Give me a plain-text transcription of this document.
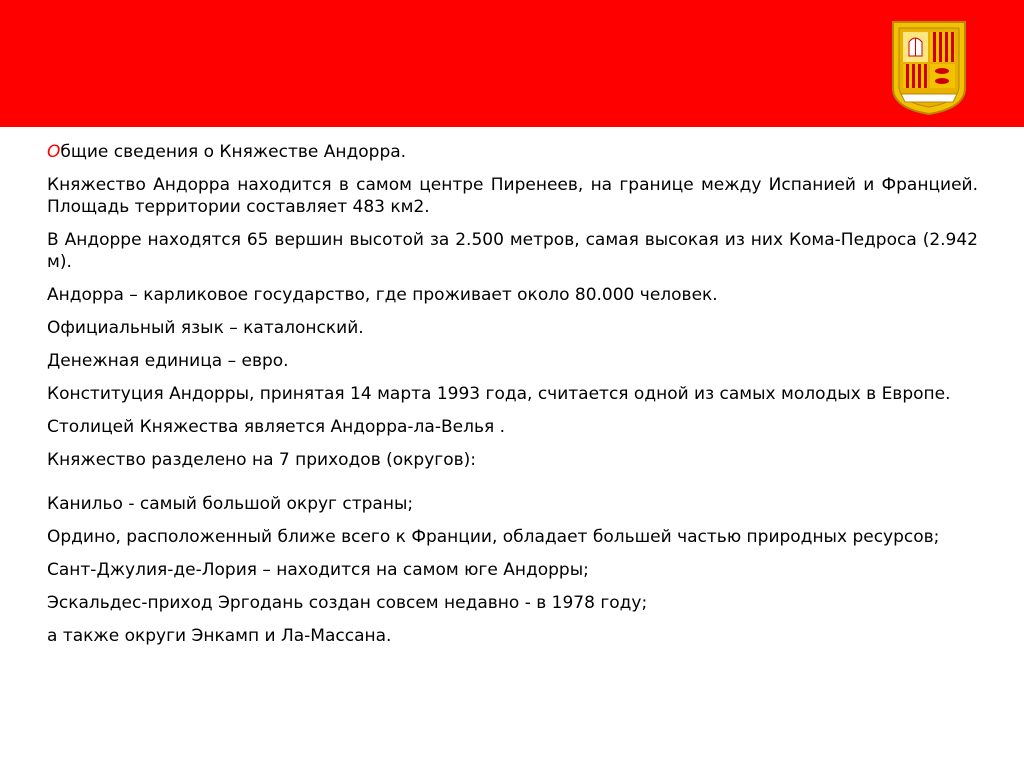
Общие сведения о Княжестве Андорра.

Княжество Андорра находится в самом центре Пиренеев, на границе между Испанией и Францией. Площадь территории составляет 483 км2.

В Андорре находятся 65 вершин высотой за 2.500 метров, самая высокая из них Кома-Педроса (2.942 м).

Андорра – карликовое государство, где проживает около 80.000 человек.

Официальный язык – каталонский.

Денежная единица – евро.

Конституция Андорры, принятая 14 марта 1993 года, считается одной из самых молодых в Европе.

Столицей Княжества является Андорра-ла-Велья .

Княжество разделено на 7 приходов (округов):

Канильо - самый большой округ страны;

Ордино, расположенный ближе всего к Франции, обладает большей частью природных ресурсов;

Сант-Джулия-де-Лория – находится на самом юге Андорры;

Эскальдес-приход Эргодань создан совсем недавно - в 1978 году;

а также округи Энкамп и Ла-Массана.
